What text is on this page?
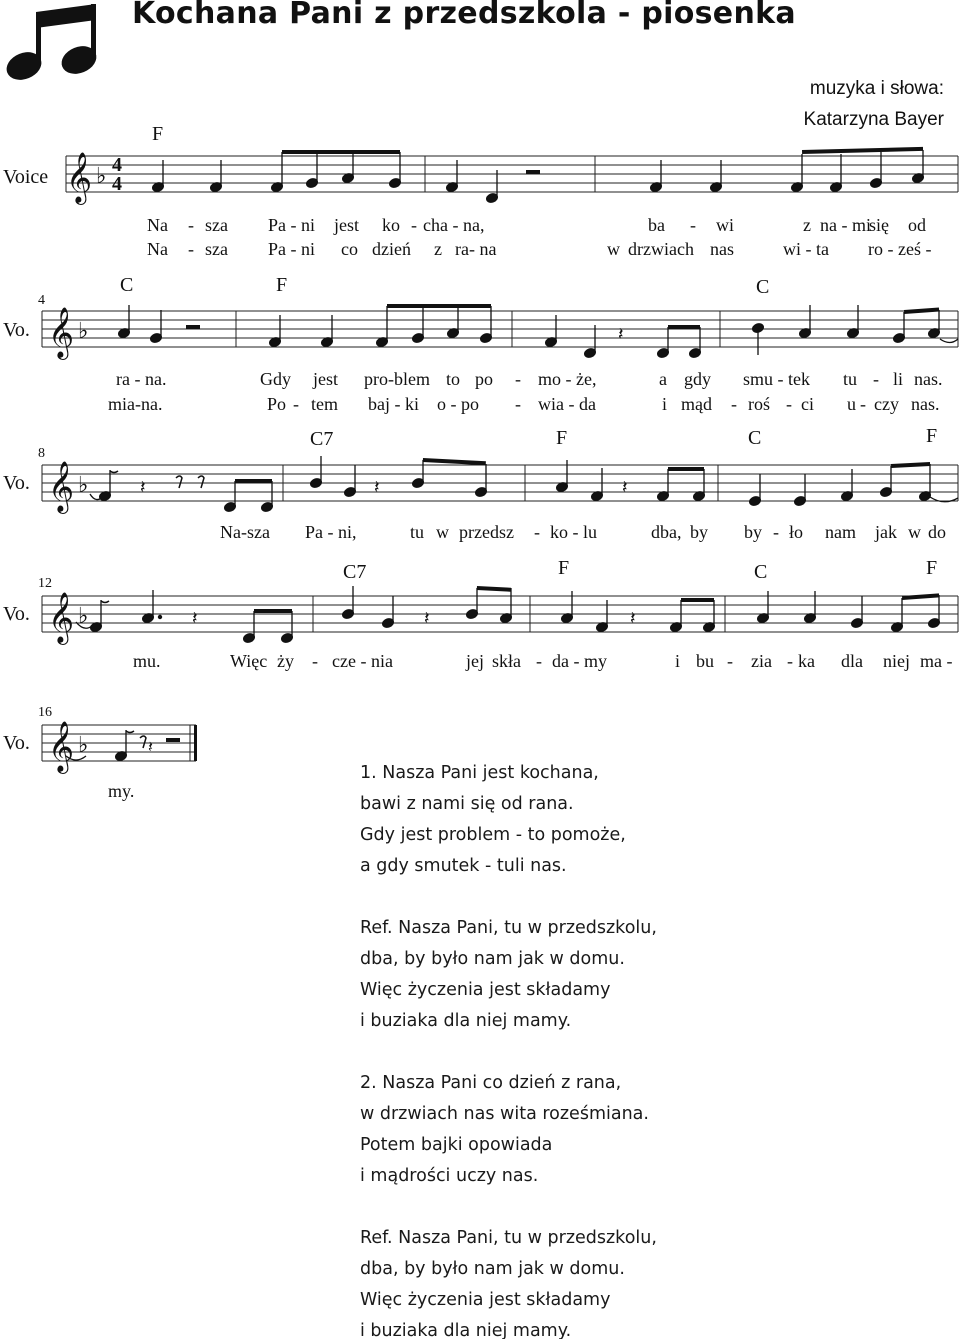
Kochana Pani z przedszkola - piosenka
muzyka i słowa:
Katarzyna Bayer
Voice
F
𝄞 ♭ 4
4
Na - sza Pa - ni jest ko - cha - na,	ba - wi	z na - mi
się od
Na - sza Pa - ni co dzień z ra- na	w drzwiach nas	wi - ta ro - ześ -
Vo.
4
C	F	C
𝄞 ♭	𝄽
ra - na.	Gdy jest pro-blem to po - mo - że,	a gdy smu - tek tu - li nas.
mia-na.	Po - tem baj - ki o - po - wia - da	i mąd - roś - ci u - czy nas.
Vo.
8
C7	F	C	F
𝄞 ♭	𝄽	𝄽	𝄽
Na-sza Pa - ni,	tu w przedsz - ko - lu	dba, by by - ło nam jak w do
Vo.
12
C7	F	C	F
𝄞 ♭	𝄽	𝄽	𝄽
mu.	Więc ży - cze - nia	jej skła - da - my	i bu - zia - ka dla niej ma -
Vo.
16
𝄞 ♭	𝄽
my.

1. Nasza Pani jest kochana,

bawi z nami się od rana.

Gdy jest problem - to pomoże,

a gdy smutek - tuli nas.

Ref. Nasza Pani, tu w przedszkolu,

dba, by było nam jak w domu.

Więc życzenia jest składamy

i buziaka dla niej mamy.

2. Nasza Pani co dzień z rana,

w drzwiach nas wita roześmiana.

Potem bajki opowiada

i mądrości uczy nas.

Ref. Nasza Pani, tu w przedszkolu,

dba, by było nam jak w domu.

Więc życzenia jest składamy

i buziaka dla niej mamy.
